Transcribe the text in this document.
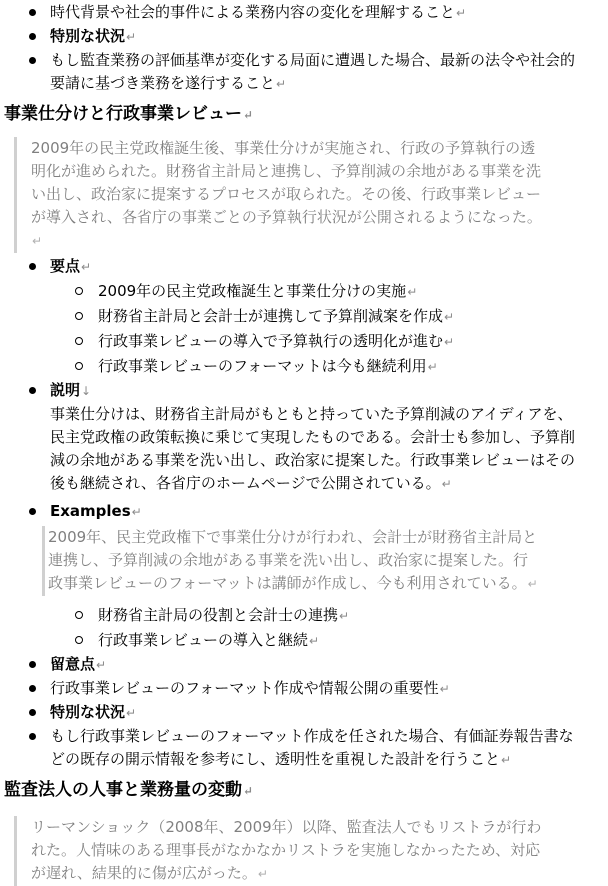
時代背景や社会的事件による業務内容の変化を理解すること↵
特別な状況↵
もし監査業務の評価基準が変化する局面に遭遇した場合、最新の法令や社会的要請に基づき業務を遂行すること↵
事業仕分けと行政事業レビュー↵
2009年の民主党政権誕生後、事業仕分けが実施され、行政の予算執行の透明化が進められた。財務省主計局と連携し、予算削減の余地がある事業を洗い出し、政治家に提案するプロセスが取られた。その後、行政事業レビューが導入され、各省庁の事業ごとの予算執行状況が公開されるようになった。↵
要点↵
2009年の民主党政権誕生と事業仕分けの実施↵
財務省主計局と会計士が連携して予算削減案を作成↵
行政事業レビューの導入で予算執行の透明化が進む↵
行政事業レビューのフォーマットは今も継続利用↵
説明↓
事業仕分けは、財務省主計局がもともと持っていた予算削減のアイディアを、民主党政権の政策転換に乗じて実現したものである。会計士も参加し、予算削減の余地がある事業を洗い出し、政治家に提案した。行政事業レビューはその後も継続され、各省庁のホームページで公開されている。↵
Examples↵
2009年、民主党政権下で事業仕分けが行われ、会計士が財務省主計局と連携し、予算削減の余地がある事業を洗い出し、政治家に提案した。行政事業レビューのフォーマットは講師が作成し、今も利用されている。↵
財務省主計局の役割と会計士の連携↵
行政事業レビューの導入と継続↵
留意点↵
行政事業レビューのフォーマット作成や情報公開の重要性↵
特別な状況↵
もし行政事業レビューのフォーマット作成を任された場合、有価証券報告書などの既存の開示情報を参考にし、透明性を重視した設計を行うこと↵
監査法人の人事と業務量の変動↵
リーマンショック（2008年、2009年）以降、監査法人でもリストラが行われた。人情味のある理事長がなかなかリストラを実施しなかったため、対応が遅れ、結果的に傷が広がった。↵
